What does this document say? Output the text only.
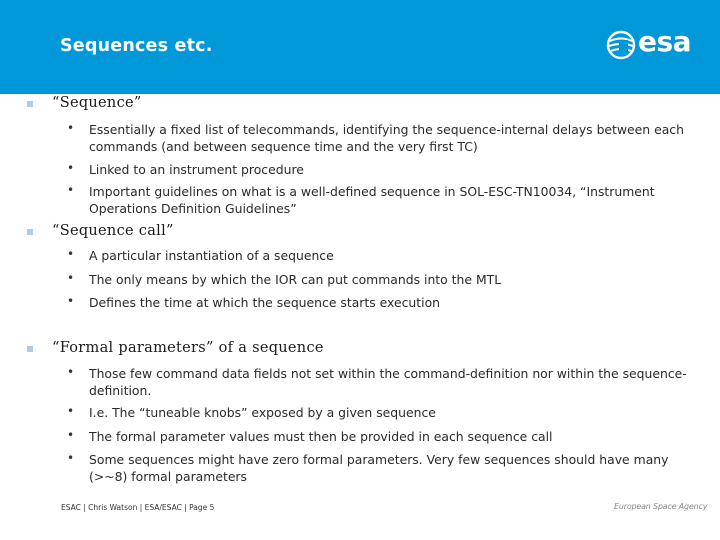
Sequences etc.	esa
“Sequence”
• Essentially a fixed list of telecommands, identifying the sequence-internal delays between each commands (and between sequence time and the very first TC)
• Linked to an instrument procedure
• Important guidelines on what is a well-defined sequence in SOL-ESC-TN10034, “Instrument Operations Definition Guidelines”
“Sequence call”
• A particular instantiation of a sequence
• The only means by which the IOR can put commands into the MTL
• Defines the time at which the sequence starts execution
“Formal parameters” of a sequence
• Those few command data fields not set within the command-definition nor within the sequence-definition.
• I.e. The “tuneable knobs” exposed by a given sequence
• The formal parameter values must then be provided in each sequence call
• Some sequences might have zero formal parameters. Very few sequences should have many (>~8) formal parameters
ESAC | Chris Watson | ESA/ESAC | Page 5	European Space Agency
